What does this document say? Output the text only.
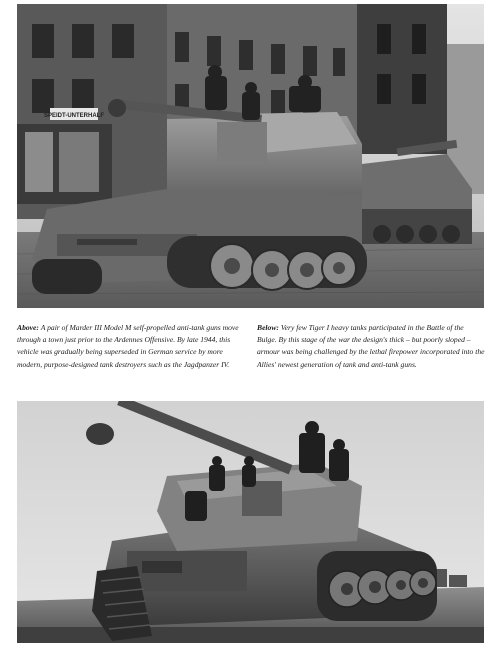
SPEIDT-UNTERHALF

Above: A pair of Marder III Model M self-propelled anti-tank guns move through a town just prior to the Ardennes Offensive. By late 1944, this vehicle was gradually being superseded in German service by more modern, purpose-designed tank destroyers such as the Jagdpanzer IV.

Below: Very few Tiger I heavy tanks participated in the Battle of the Bulge. By this stage of the war the design's thick – but poorly sloped – armour was being challenged by the lethal firepower incorporated into the Allies' newest generation of tank and anti-tank guns.
